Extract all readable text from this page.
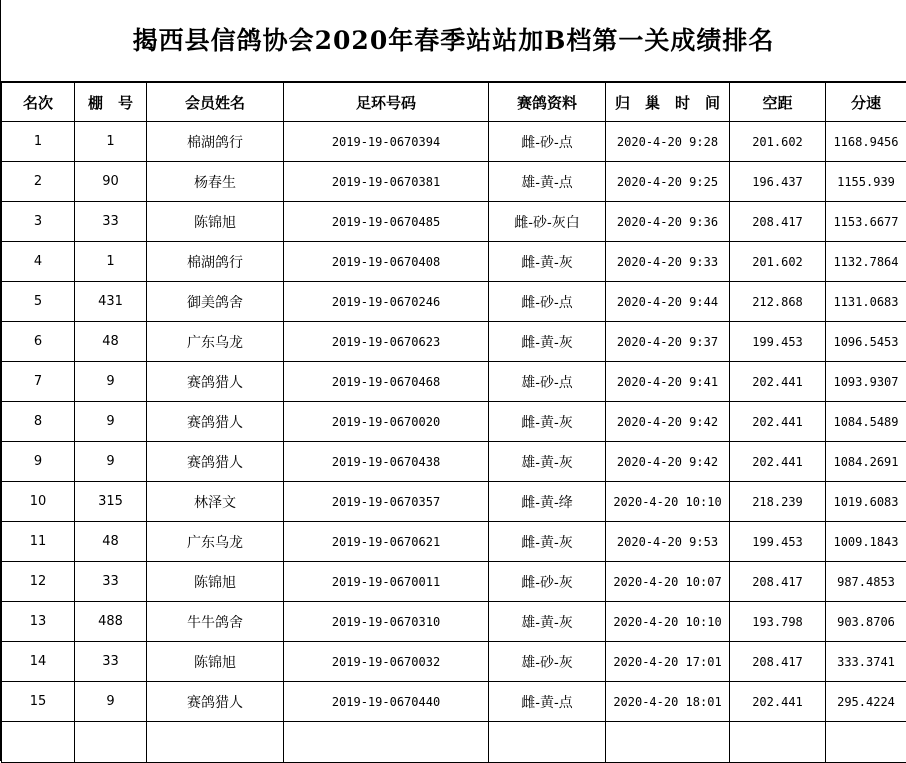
揭西县信鸽协会2020年春季站站加B档第一关成绩排名
名次	棚　号	会员姓名	足环号码	赛鸽资料	归　巢　时　间	空距	分速
1	1	棉湖鸽行	2019-19-0670394	雌-砂-点	2020-4-20 9:28	201.602	1168.9456
2	90	杨春生	2019-19-0670381	雄-黄-点	2020-4-20 9:25	196.437	1155.939
3	33	陈锦旭	2019-19-0670485	雌-砂-灰白	2020-4-20 9:36	208.417	1153.6677
4	1	棉湖鸽行	2019-19-0670408	雌-黄-灰	2020-4-20 9:33	201.602	1132.7864
5	431	御美鸽舍	2019-19-0670246	雌-砂-点	2020-4-20 9:44	212.868	1131.0683
6	48	广东乌龙	2019-19-0670623	雌-黄-灰	2020-4-20 9:37	199.453	1096.5453
7	9	赛鸽猎人	2019-19-0670468	雄-砂-点	2020-4-20 9:41	202.441	1093.9307
8	9	赛鸽猎人	2019-19-0670020	雌-黄-灰	2020-4-20 9:42	202.441	1084.5489
9	9	赛鸽猎人	2019-19-0670438	雄-黄-灰	2020-4-20 9:42	202.441	1084.2691
10	315	林泽文	2019-19-0670357	雌-黄-绛	2020-4-20 10:10	218.239	1019.6083
11	48	广东乌龙	2019-19-0670621	雌-黄-灰	2020-4-20 9:53	199.453	1009.1843
12	33	陈锦旭	2019-19-0670011	雌-砂-灰	2020-4-20 10:07	208.417	987.4853
13	488	牛牛鸽舍	2019-19-0670310	雄-黄-灰	2020-4-20 10:10	193.798	903.8706
14	33	陈锦旭	2019-19-0670032	雄-砂-灰	2020-4-20 17:01	208.417	333.3741
15	9	赛鸽猎人	2019-19-0670440	雌-黄-点	2020-4-20 18:01	202.441	295.4224
